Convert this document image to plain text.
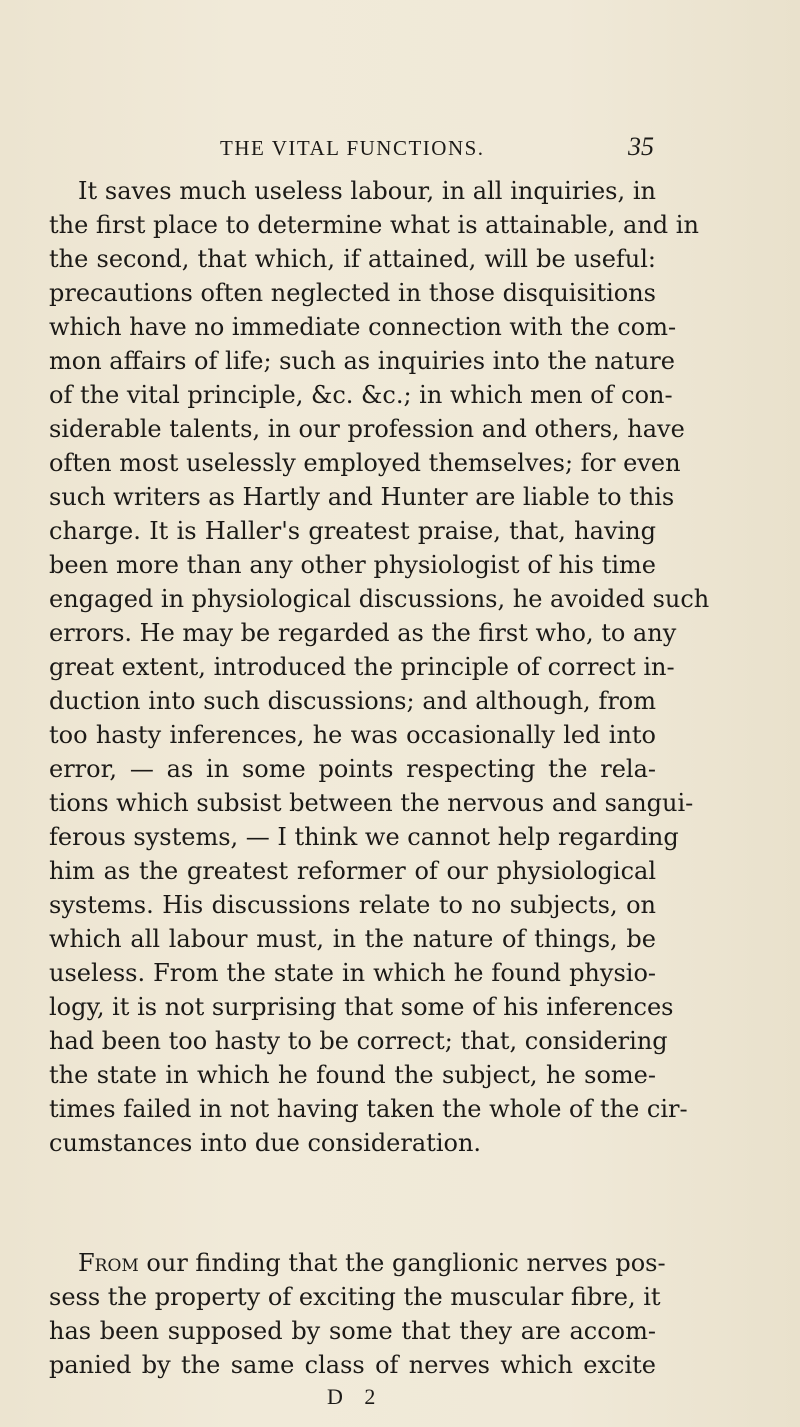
THE VITAL FUNCTIONS.	35
It saves much useless labour, in all inquiries, in
the first place to determine what is attainable, and in
the second, that which, if attained, will be useful:
precautions often neglected in those disquisitions
which have no immediate connection with the com-
mon affairs of life; such as inquiries into the nature
of the vital principle, &c. &c.; in which men of con-
siderable talents, in our profession and others, have
often most uselessly employed themselves; for even
such writers as Hartly and Hunter are liable to this
charge. It is Haller's greatest praise, that, having
been more than any other physiologist of his time
engaged in physiological discussions, he avoided such
errors. He may be regarded as the first who, to any
great extent, introduced the principle of correct in-
duction into such discussions; and although, from
too hasty inferences, he was occasionally led into
error, — as in some points respecting the rela-
tions which subsist between the nervous and sangui-
ferous systems, — I think we cannot help regarding
him as the greatest reformer of our physiological
systems. His discussions relate to no subjects, on
which all labour must, in the nature of things, be
useless. From the state in which he found physio-
logy, it is not surprising that some of his inferences
had been too hasty to be correct; that, considering
the state in which he found the subject, he some-
times failed in not having taken the whole of the cir-
cumstances into due consideration.
From our finding that the ganglionic nerves pos-
sess the property of exciting the muscular fibre, it
has been supposed by some that they are accom-
panied by the same class of nerves which excite
D 2
